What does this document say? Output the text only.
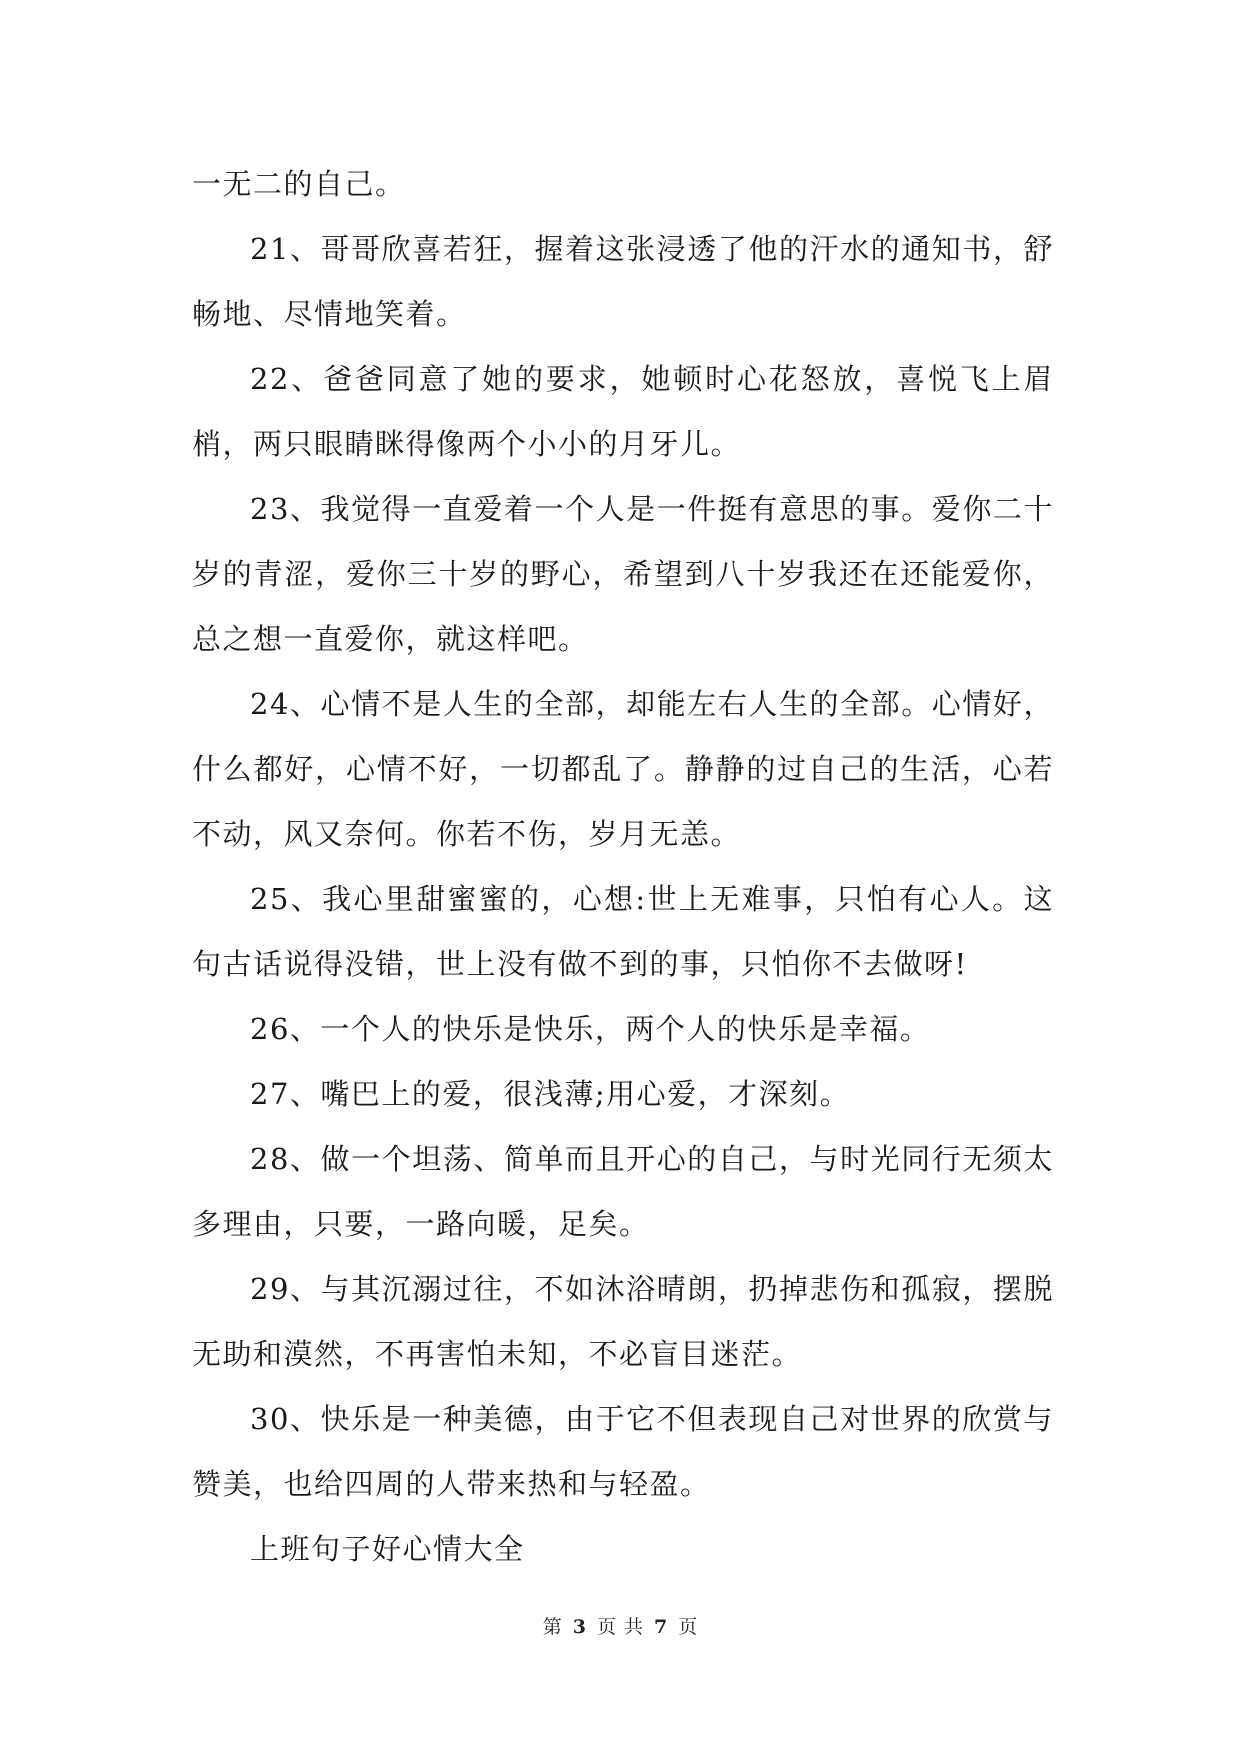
一无二的自己。

21、哥哥欣喜若狂，握着这张浸透了他的汗水的通知书，舒畅地、尽情地笑着。

22、爸爸同意了她的要求，她顿时心花怒放，喜悦飞上眉梢，两只眼睛眯得像两个小小的月牙儿。

23、我觉得一直爱着一个人是一件挺有意思的事。爱你二十岁的青涩，爱你三十岁的野心，希望到八十岁我还在还能爱你，总之想一直爱你，就这样吧。

24、心情不是人生的全部，却能左右人生的全部。心情好，什么都好，心情不好，一切都乱了。静静的过自己的生活，心若不动，风又奈何。你若不伤，岁月无恙。

25、我心里甜蜜蜜的，心想:世上无难事，只怕有心人。这句古话说得没错，世上没有做不到的事，只怕你不去做呀!

26、一个人的快乐是快乐，两个人的快乐是幸福。

27、嘴巴上的爱，很浅薄;用心爱，才深刻。

28、做一个坦荡、简单而且开心的自己，与时光同行无须太多理由，只要，一路向暖，足矣。

29、与其沉溺过往，不如沐浴晴朗，扔掉悲伤和孤寂，摆脱无助和漠然，不再害怕未知，不必盲目迷茫。

30、快乐是一种美德，由于它不但表现自己对世界的欣赏与赞美，也给四周的人带来热和与轻盈。

上班句子好心情大全

第 3 页 共 7 页
